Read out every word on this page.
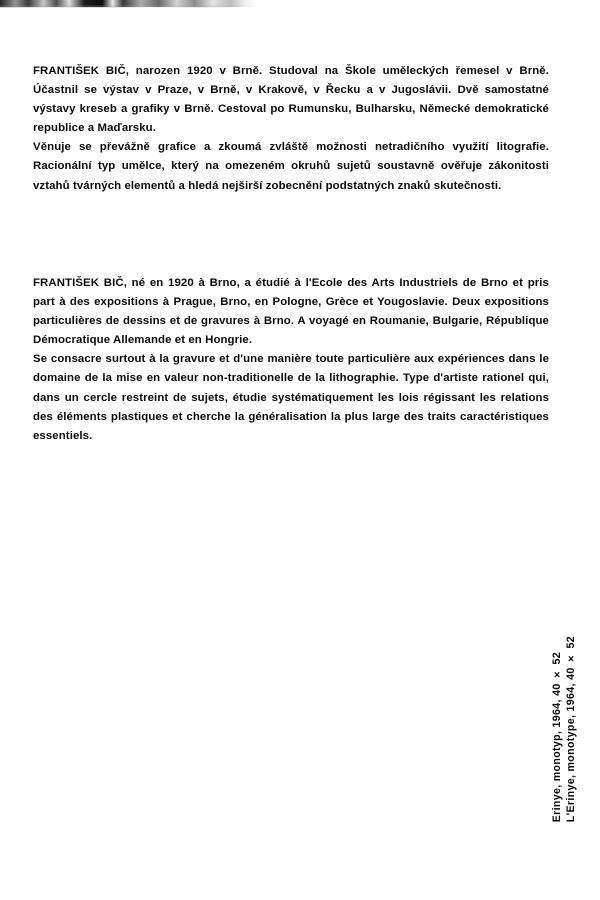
FRANTIŠEK BIČ, narozen 1920 v Brně. Studoval na Škole uměleckých řemesel v Brně. Účastnil se výstav v Praze, v Brně, v Krakově, v Řecku a v Jugoslávii. Dvě samostatné výstavy kreseb a grafiky v Brně. Cestoval po Rumunsku, Bulharsku, Německé demokratické republice a Maďarsku.

Věnuje se převážně grafice a zkoumá zvláště možnosti netradičního využití litografie. Racionální typ umělce, který na omezeném okruhů sujetů soustavně ověřuje zákonitosti vztahů tvárných elementů a hledá nejširší zobecnění podstatných znaků skutečnosti.

FRANTIŠEK BIČ, né en 1920 à Brno, a étudié à l'Ecole des Arts Industriels de Brno et pris part à des expositions à Prague, Brno, en Pologne, Grèce et Yougoslavie. Deux expositions particulières de dessins et de gravures à Brno. A voyagé en Roumanie, Bulgarie, République Démocratique Allemande et en Hongrie.

Se consacre surtout à la gravure et d'une manière toute particulière aux expériences dans le domaine de la mise en valeur non-traditionelle de la lithographie. Type d'artiste rationel qui, dans un cercle restreint de sujets, étudie systématiquement les lois régissant les relations des éléments plastiques et cherche la généralisation la plus large des traits caractéristiques essentiels.

Erinye, monotyp, 1964, 40 × 52 L'Erinye, monotype, 1964, 40 × 52
